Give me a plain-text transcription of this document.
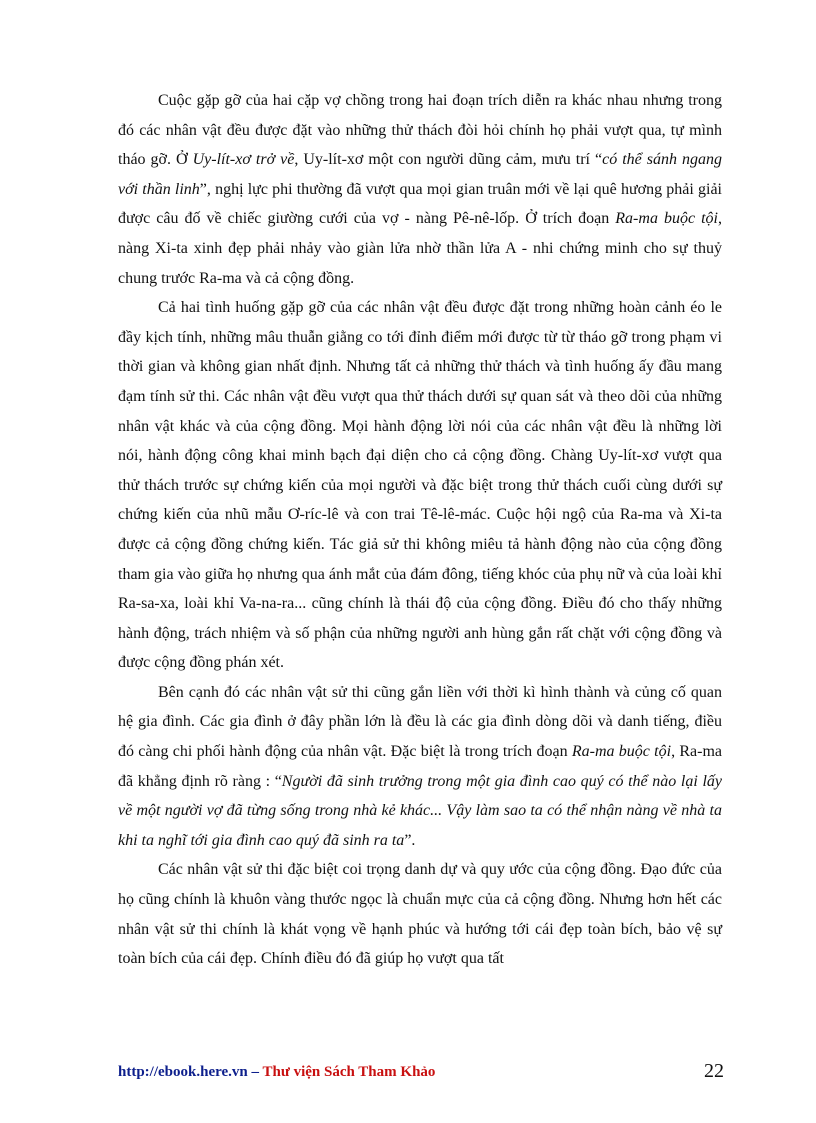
Cuộc gặp gỡ của hai cặp vợ chồng trong hai đoạn trích diễn ra khác nhau nhưng trong đó các nhân vật đều được đặt vào những thử thách đòi hỏi chính họ phải vượt qua, tự mình tháo gỡ. Ở Uy-lít-xơ trở về, Uy-lít-xơ một con người dũng cảm, mưu trí “có thể sánh ngang với thần linh”, nghị lực phi thường đã vượt qua mọi gian truân mới về lại quê hương phải giải được câu đố về chiếc giường cưới của vợ - nàng Pê-nê-lốp. Ở trích đoạn Ra-ma buộc tội, nàng Xi-ta xinh đẹp phải nhảy vào giàn lửa nhờ thần lửa A - nhi chứng minh cho sự thuỷ chung trước Ra-ma và cả cộng đồng.

Cả hai tình huống gặp gỡ của các nhân vật đều được đặt trong những hoàn cảnh éo le đầy kịch tính, những mâu thuẫn giằng co tới đỉnh điểm mới được từ từ tháo gỡ trong phạm vi thời gian và không gian nhất định. Nhưng tất cả những thử thách và tình huống ấy đầu mang đạm tính sử thi. Các nhân vật đều vượt qua thử thách dưới sự quan sát và theo dõi của những nhân vật khác và của cộng đồng. Mọi hành động lời nói của các nhân vật đều là những lời nói, hành động công khai minh bạch đại diện cho cả cộng đồng. Chàng Uy-lít-xơ vượt qua thử thách trước sự chứng kiến của mọi người và đặc biệt trong thử thách cuối cùng dưới sự chứng kiến của nhũ mẫu Ơ-ríc-lê và con trai Tê-lê-mác. Cuộc hội ngộ của Ra-ma và Xi-ta được cả cộng đồng chứng kiến. Tác giả sử thi không miêu tả hành động nào của cộng đồng tham gia vào giữa họ nhưng qua ánh mắt của đám đông, tiếng khóc của phụ nữ và của loài khỉ Ra-sa-xa, loài khỉ Va-na-ra... cũng chính là thái độ của cộng đồng. Điều đó cho thấy những hành động, trách nhiệm và số phận của những người anh hùng gắn rất chặt với cộng đồng và được cộng đồng phán xét.

Bên cạnh đó các nhân vật sử thi cũng gắn liền với thời kì hình thành và củng cố quan hệ gia đình. Các gia đình ở đây phần lớn là đều là các gia đình dòng dõi và danh tiếng, điều đó càng chi phối hành động của nhân vật. Đặc biệt là trong trích đoạn Ra-ma buộc tội, Ra-ma đã khẳng định rõ ràng : “Người đã sinh trưởng trong một gia đình cao quý có thể nào lại lấy về một người vợ đã từng sống trong nhà kẻ khác... Vậy làm sao ta có thể nhận nàng về nhà ta khi ta nghĩ tới gia đình cao quý đã sinh ra ta”.

Các nhân vật sử thi đặc biệt coi trọng danh dự và quy ước của cộng đồng. Đạo đức của họ cũng chính là khuôn vàng thước ngọc là chuẩn mực của cả cộng đồng. Nhưng hơn hết các nhân vật sử thi chính là khát vọng về hạnh phúc và hướng tới cái đẹp toàn bích, bảo vệ sự toàn bích của cái đẹp. Chính điều đó đã giúp họ vượt qua tất

http://ebook.here.vn – Thư viện Sách Tham Khảo	22
